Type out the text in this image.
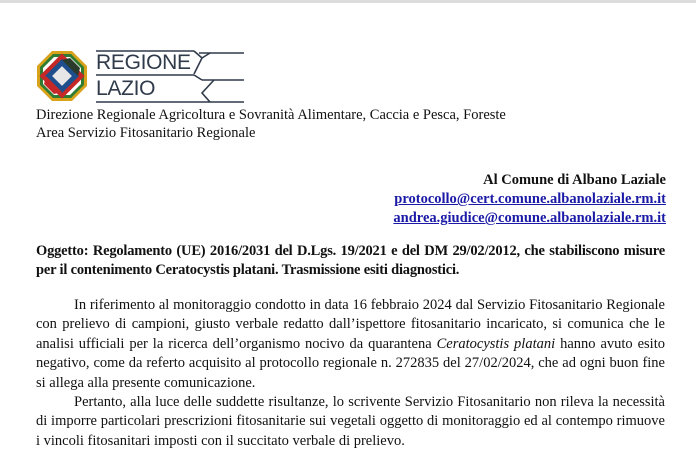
REGIONE
LAZIO
Direzione Regionale Agricoltura e Sovranità Alimentare, Caccia e Pesca, Foreste
Area Servizio Fitosanitario Regionale
Al Comune di Albano Laziale
protocollo@cert.comune.albanolaziale.rm.it
andrea.giudice@comune.albanolaziale.rm.it
Oggetto: Regolamento (UE) 2016/2031 del D.Lgs. 19/2021 e del DM 29/02/2012, che stabiliscono misure per il contenimento Ceratocystis platani. Trasmissione esiti diagnostici.

In riferimento al monitoraggio condotto in data 16 febbraio 2024 dal Servizio Fitosanitario Regionale con prelievo di campioni, giusto verbale redatto dall’ispettore fitosanitario incaricato, si comunica che le analisi ufficiali per la ricerca dell’organismo nocivo da quarantena Ceratocystis platani hanno avuto esito negativo, come da referto acquisito al protocollo regionale n. 272835 del 27/02/2024, che ad ogni buon fine si allega alla presente comunicazione.

Pertanto, alla luce delle suddette risultanze, lo scrivente Servizio Fitosanitario non rileva la necessità di imporre particolari prescrizioni fitosanitarie sui vegetali oggetto di monitoraggio ed al contempo rimuove i vincoli fitosanitari imposti con il succitato verbale di prelievo.
